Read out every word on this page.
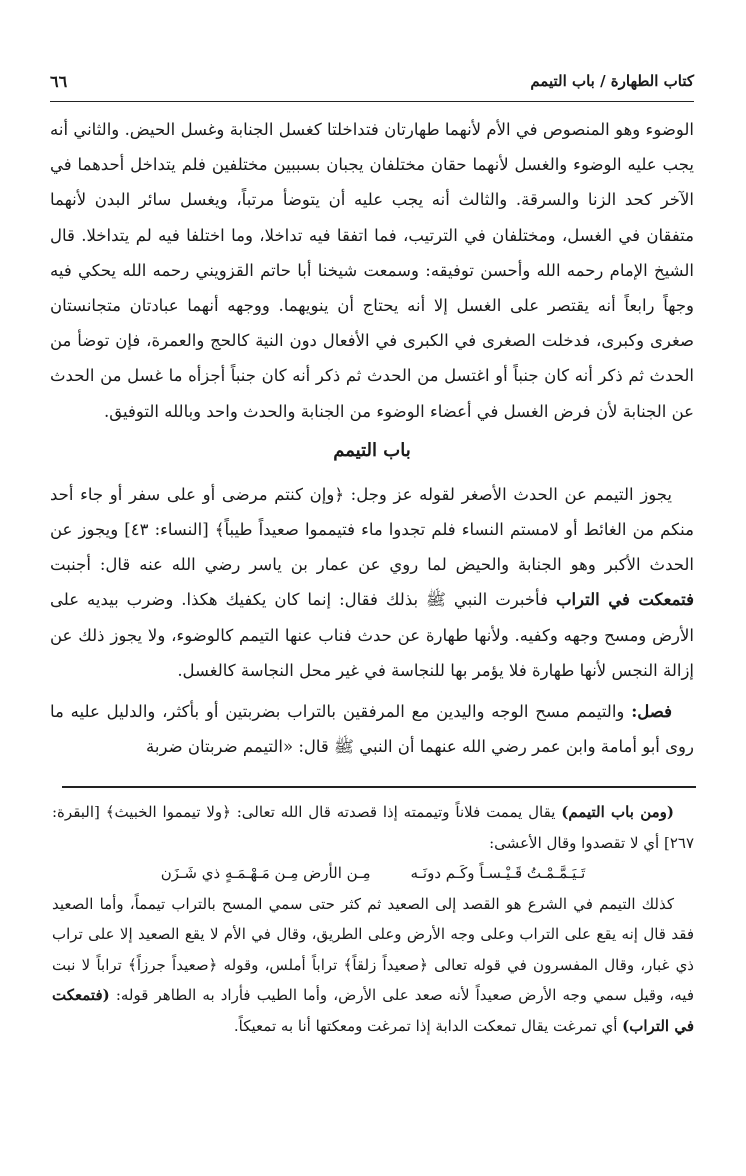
كتاب الطهارة / باب التيمم
٦٦

الوضوء وهو المنصوص في الأم لأنهما طهارتان فتداخلتا كغسل الجنابة وغسل الحيض. والثاني أنه يجب عليه الوضوء والغسل لأنهما حقان مختلفان يجبان بسببين مختلفين فلم يتداخل أحدهما في الآخر كحد الزنا والسرقة. والثالث أنه يجب عليه أن يتوضأ مرتباً، ويغسل سائر البدن لأنهما متفقان في الغسل، ومختلفان في الترتيب، فما اتفقا فيه تداخلا، وما اختلفا فيه لم يتداخلا. قال الشيخ الإمام رحمه الله وأحسن توفيقه: وسمعت شيخنا أبا حاتم القزويني رحمه الله يحكي فيه وجهاً رابعاً أنه يقتصر على الغسل إلا أنه يحتاج أن ينويهما. ووجهه أنهما عبادتان متجانستان صغرى وكبرى، فدخلت الصغرى في الكبرى في الأفعال دون النية كالحج والعمرة، فإن توضأ من الحدث ثم ذكر أنه كان جنباً أو اغتسل من الحدث ثم ذكر أنه كان جنباً أجزأه ما غسل من الحدث عن الجنابة لأن فرض الغسل في أعضاء الوضوء من الجنابة والحدث واحد وبالله التوفيق.

باب التيمم

يجوز التيمم عن الحدث الأصغر لقوله عز وجل: ﴿وإن كنتم مرضى أو على سفر أو جاء أحد منكم من الغائط أو لامستم النساء فلم تجدوا ماء فتيمموا صعيداً طيباً﴾ [النساء: ٤٣] ويجوز عن الحدث الأكبر وهو الجنابة والحيض لما روي عن عمار بن ياسر رضي الله عنه قال: أجنبت فتمعكت في التراب فأخبرت النبي ﷺ بذلك فقال: إنما كان يكفيك هكذا. وضرب بيديه على الأرض ومسح وجهه وكفيه. ولأنها طهارة عن حدث فناب عنها التيمم كالوضوء، ولا يجوز ذلك عن إزالة النجس لأنها طهارة فلا يؤمر بها للنجاسة في غير محل النجاسة كالغسل.

فصل: والتيمم مسح الوجه واليدين مع المرفقين بالتراب بضربتين أو بأكثر، والدليل عليه ما روى أبو أمامة وابن عمر رضي الله عنهما أن النبي ﷺ قال: «التيمم ضربتان ضربة

(ومن باب التيمم) يقال يممت فلاناً وتيممته إذا قصدته قال الله تعالى: ﴿ولا تيمموا الخبيث﴾ [البقرة: ٢٦٧] أي لا تقصدوا وقال الأعشى:

تَـيَـمَّـمْـتُ قَـيْـسـاً وكَـم دونَـه
مِـن الأرض مِـن مَـهْـمَـهٍ ذي شَـزَن

كذلك التيمم في الشرع هو القصد إلى الصعيد ثم كثر حتى سمي المسح بالتراب تيمماً، وأما الصعيد فقد قال إنه يقع على التراب وعلى وجه الأرض وعلى الطريق، وقال في الأم لا يقع الصعيد إلا على تراب ذي غبار، وقال المفسرون في قوله تعالى ﴿صعيداً زلقاً﴾ تراباً أملس، وقوله ﴿صعيداً جرزاً﴾ تراباً لا نبت فيه، وقيل سمي وجه الأرض صعيداً لأنه صعد على الأرض، وأما الطيب فأراد به الطاهر قوله: (فتمعكت في التراب) أي تمرغت يقال تمعكت الدابة إذا تمرغت ومعكتها أنا به تمعيكاً.
